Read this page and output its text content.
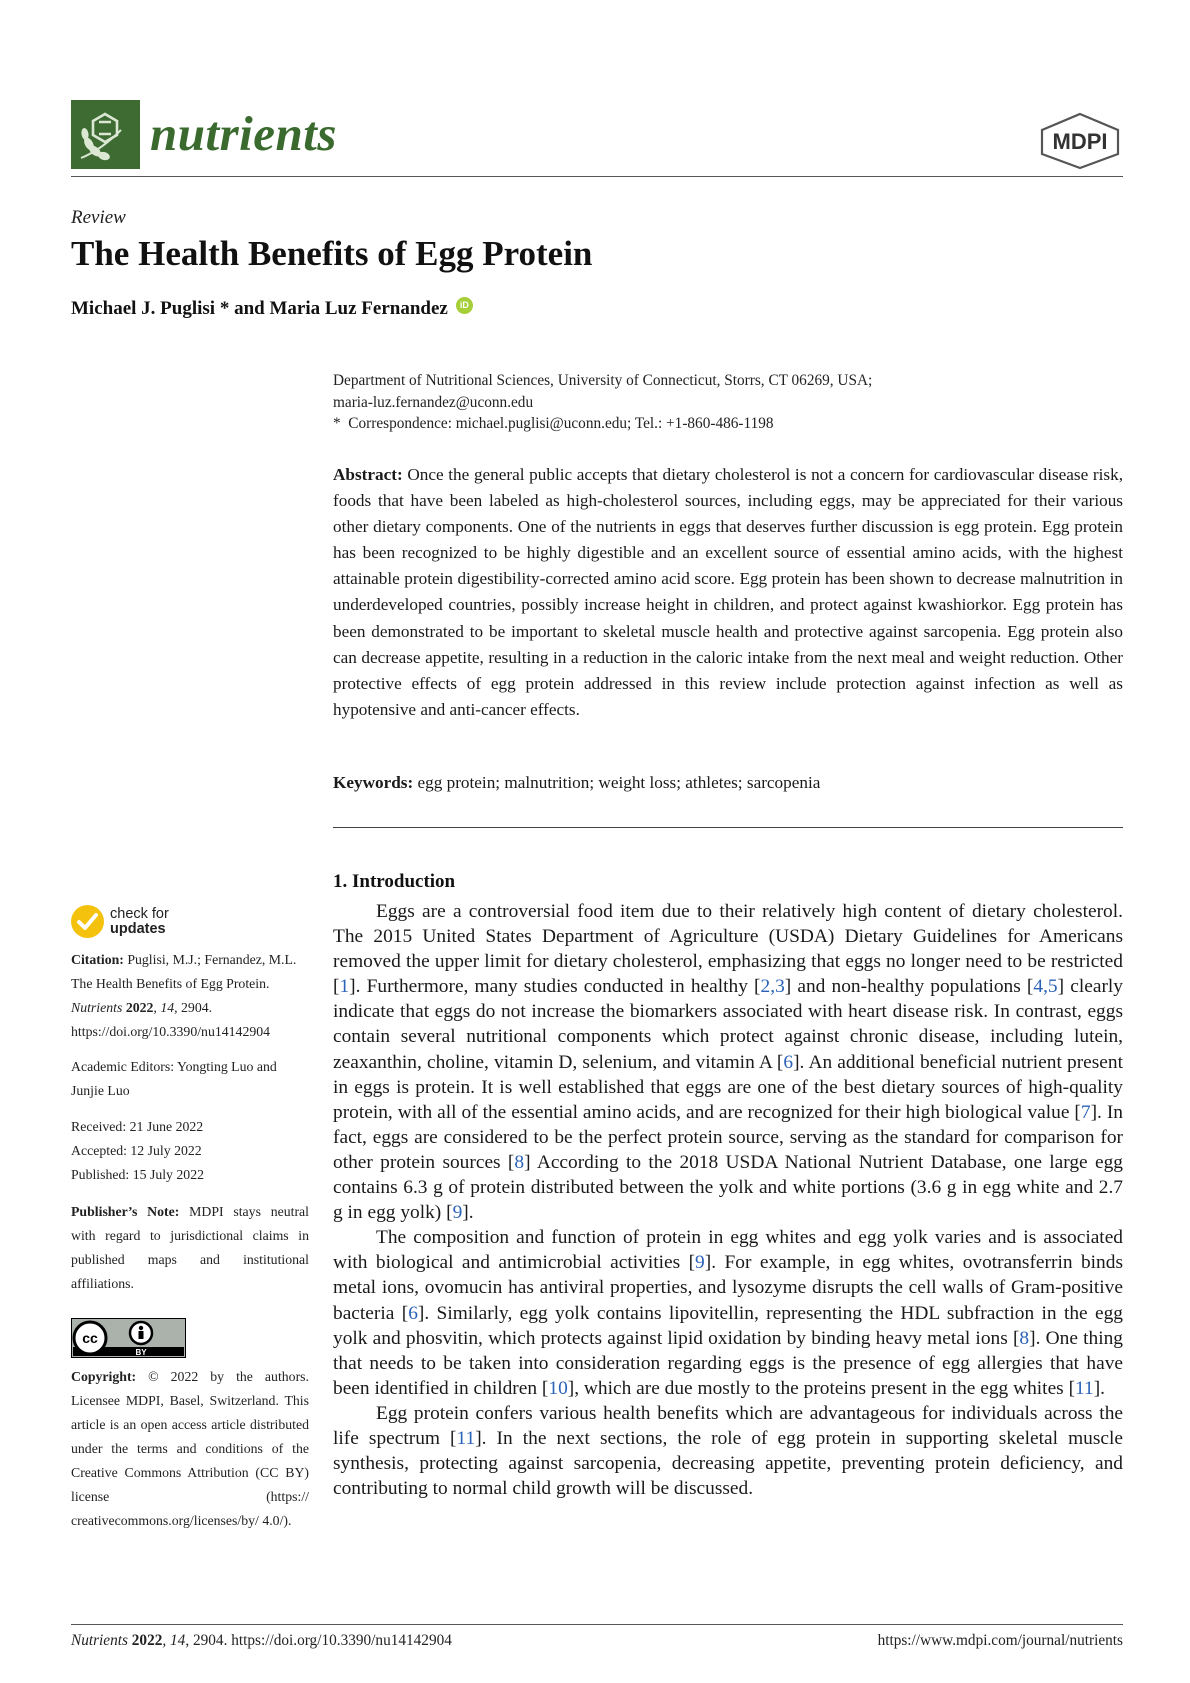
nutrients	MDPI
Review
The Health Benefits of Egg Protein
Michael J. Puglisi * and Maria Luz Fernandez	iD
Department of Nutritional Sciences, University of Connecticut, Storrs, CT 06269, USA;
maria-luz.fernandez@uconn.edu
*  Correspondence: michael.puglisi@uconn.edu; Tel.: +1-860-486-1198
Abstract: Once the general public accepts that dietary cholesterol is not a concern for cardiovascular disease risk, foods that have been labeled as high-cholesterol sources, including eggs, may be appreciated for their various other dietary components. One of the nutrients in eggs that deserves further discussion is egg protein. Egg protein has been recognized to be highly digestible and an excellent source of essential amino acids, with the highest attainable protein digestibility-corrected amino acid score. Egg protein has been shown to decrease malnutrition in underdeveloped countries, possibly increase height in children, and protect against kwashiorkor. Egg protein has been demonstrated to be important to skeletal muscle health and protective against sarcopenia. Egg protein also can decrease appetite, resulting in a reduction in the caloric intake from the next meal and weight reduction. Other protective effects of egg protein addressed in this review include protection against infection as well as hypotensive and anti-cancer effects.
Keywords: egg protein; malnutrition; weight loss; athletes; sarcopenia
check for
updates
Citation: Puglisi, M.J.; Fernandez, M.L. The Health Benefits of Egg Protein. Nutrients 2022, 14, 2904. https://doi.org/10.3390/nu14142904
Academic Editors: Yongting Luo and Junjie Luo
Received: 21 June 2022
Accepted: 12 July 2022
Published: 15 July 2022
Publisher’s Note: MDPI stays neutral with regard to jurisdictional claims in published maps and institutional affiliations.
cc
BY
Copyright: © 2022 by the authors. Licensee MDPI, Basel, Switzerland. This article is an open access article distributed under the terms and conditions of the Creative Commons Attribution (CC BY) license (https:// creativecommons.org/licenses/by/ 4.0/).
1. Introduction

Eggs are a controversial food item due to their relatively high content of dietary cholesterol. The 2015 United States Department of Agriculture (USDA) Dietary Guidelines for Americans removed the upper limit for dietary cholesterol, emphasizing that eggs no longer need to be restricted [1]. Furthermore, many studies conducted in healthy [2,3] and non-healthy populations [4,5] clearly indicate that eggs do not increase the biomarkers associated with heart disease risk. In contrast, eggs contain several nutritional components which protect against chronic disease, including lutein, zeaxanthin, choline, vitamin D, selenium, and vitamin A [6]. An additional beneficial nutrient present in eggs is protein. It is well established that eggs are one of the best dietary sources of high-quality protein, with all of the essential amino acids, and are recognized for their high biological value [7]. In fact, eggs are considered to be the perfect protein source, serving as the standard for comparison for other protein sources [8] According to the 2018 USDA National Nutrient Database, one large egg contains 6.3 g of protein distributed between the yolk and white portions (3.6 g in egg white and 2.7 g in egg yolk) [9].

The composition and function of protein in egg whites and egg yolk varies and is associated with biological and antimicrobial activities [9]. For example, in egg whites, ovotransferrin binds metal ions, ovomucin has antiviral properties, and lysozyme disrupts the cell walls of Gram-positive bacteria [6]. Similarly, egg yolk contains lipovitellin, representing the HDL subfraction in the egg yolk and phosvitin, which protects against lipid oxidation by binding heavy metal ions [8]. One thing that needs to be taken into consideration regarding eggs is the presence of egg allergies that have been identified in children [10], which are due mostly to the proteins present in the egg whites [11].

Egg protein confers various health benefits which are advantageous for individuals across the life spectrum [11]. In the next sections, the role of egg protein in supporting skeletal muscle synthesis, protecting against sarcopenia, decreasing appetite, preventing protein deficiency, and contributing to normal child growth will be discussed.

Nutrients 2022, 14, 2904. https://doi.org/10.3390/nu14142904	https://www.mdpi.com/journal/nutrients
